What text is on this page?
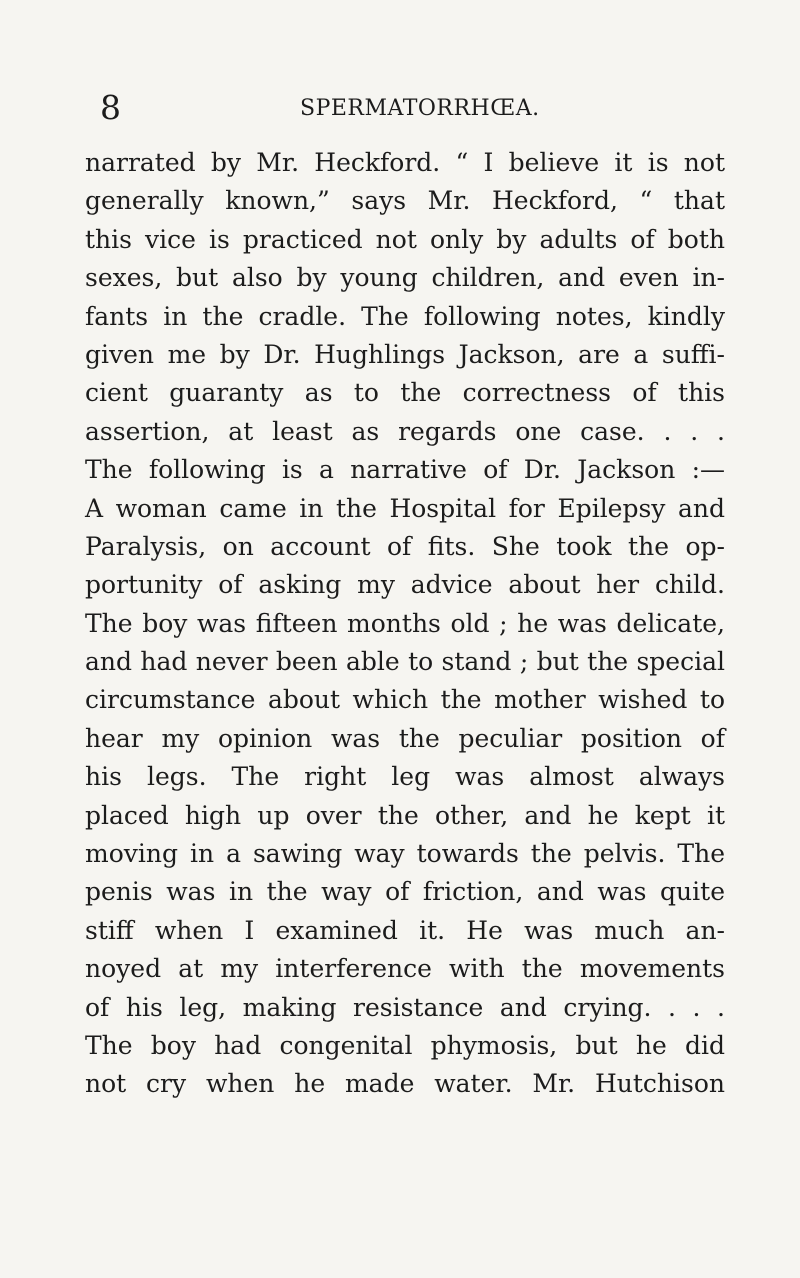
8	SPERMATORRHŒA.
narrated by Mr. Heckford. “ I believe it is not
generally known,” says Mr. Heckford, “ that
this vice is practiced not only by adults of both
sexes, but also by young children, and even in-
fants in the cradle. The following notes, kindly
given me by Dr. Hughlings Jackson, are a suffi-
cient guaranty as to the correctness of this
assertion, at least as regards one case. . . .
The following is a narrative of Dr. Jackson :—
A woman came in the Hospital for Epilepsy and
Paralysis, on account of fits. She took the op-
portunity of asking my advice about her child.
The boy was fifteen months old ; he was delicate,
and had never been able to stand ; but the special
circumstance about which the mother wished to
hear my opinion was the peculiar position of
his legs. The right leg was almost always
placed high up over the other, and he kept it
moving in a sawing way towards the pelvis. The
penis was in the way of friction, and was quite
stiff when I examined it. He was much an-
noyed at my interference with the movements
of his leg, making resistance and crying. . . .
The boy had congenital phymosis, but he did
not cry when he made water. Mr. Hutchison
